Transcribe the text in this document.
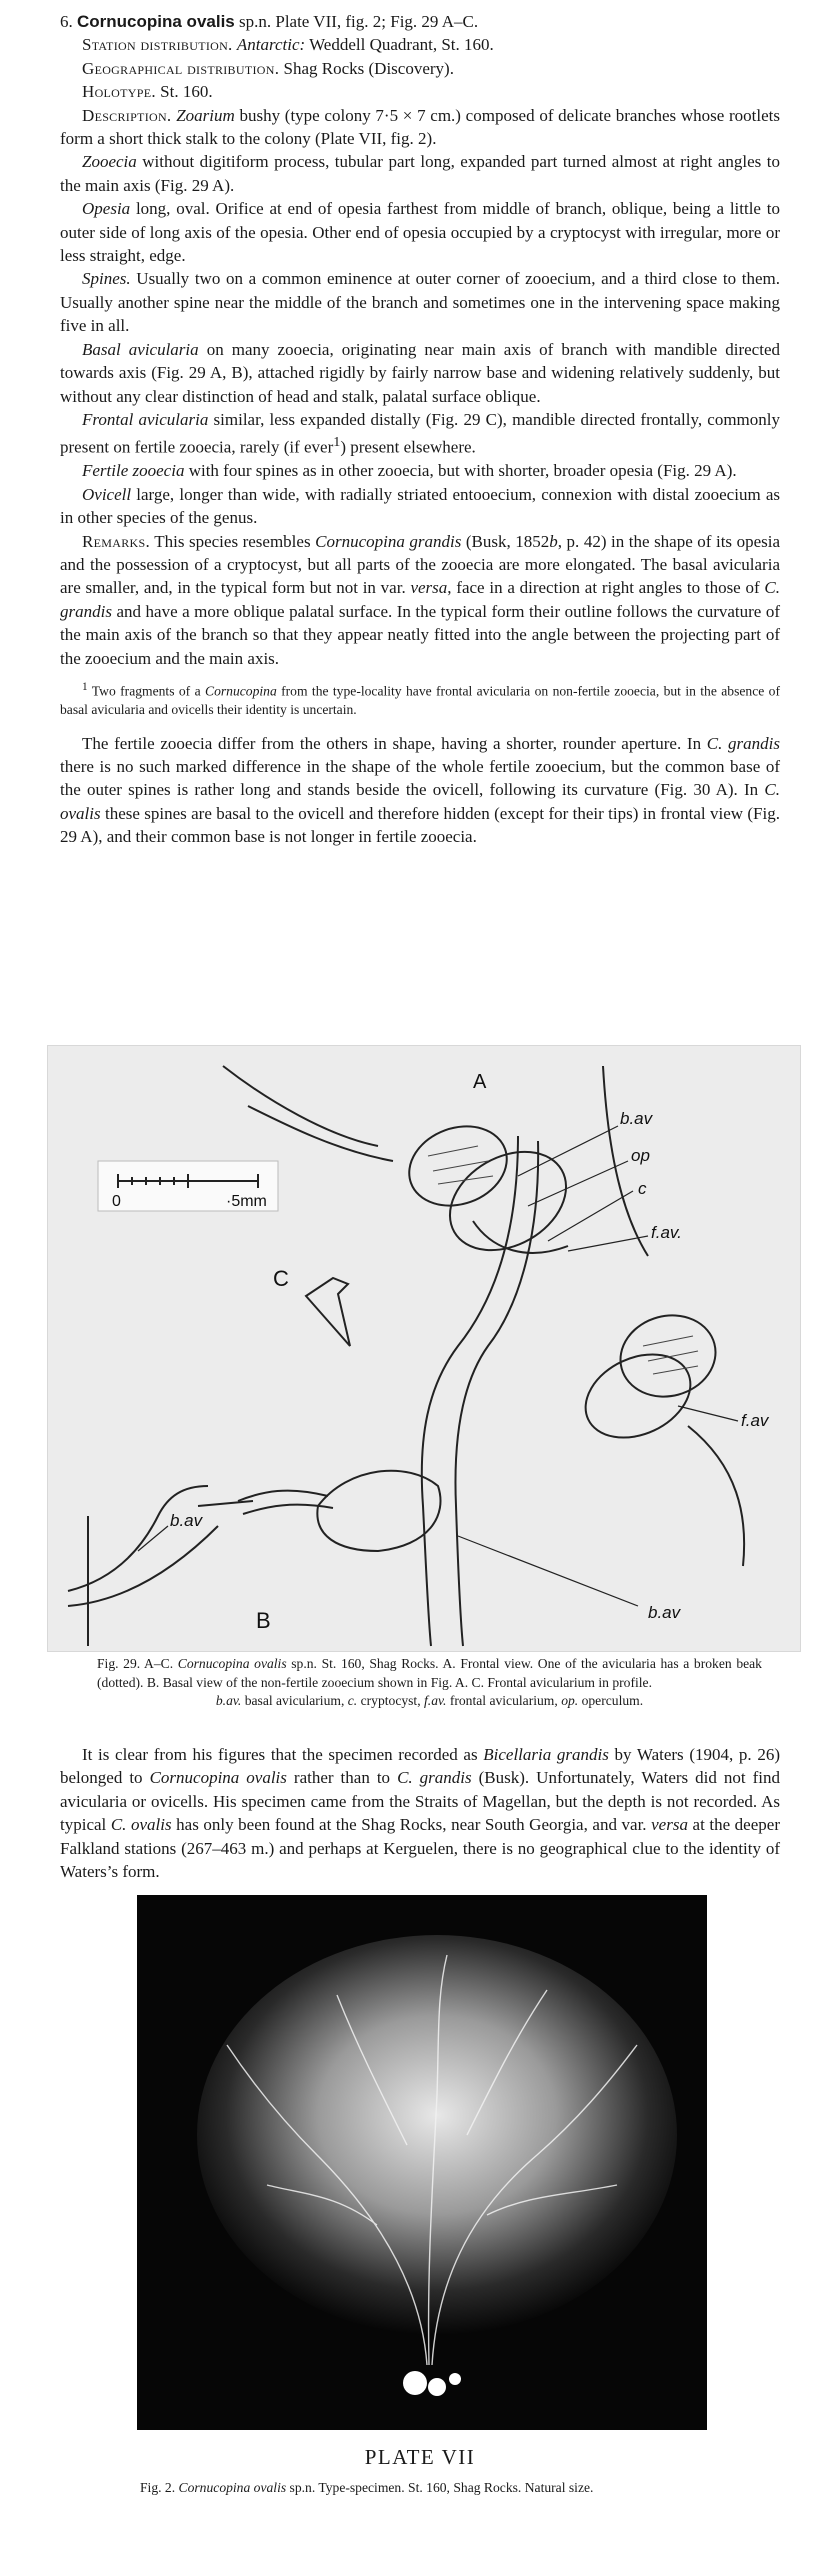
6. Cornucopina ovalis sp.n. Plate VII, fig. 2; Fig. 29 A–C.

Station distribution. Antarctic: Weddell Quadrant, St. 160.

Geographical distribution. Shag Rocks (Discovery).

Holotype. St. 160.

Description. Zoarium bushy (type colony 7·5 × 7 cm.) composed of delicate branches whose rootlets form a short thick stalk to the colony (Plate VII, fig. 2).

Zooecia without digitiform process, tubular part long, expanded part turned almost at right angles to the main axis (Fig. 29 A).

Opesia long, oval. Orifice at end of opesia farthest from middle of branch, oblique, being a little to outer side of long axis of the opesia. Other end of opesia occupied by a cryptocyst with irregular, more or less straight, edge.

Spines. Usually two on a common eminence at outer corner of zooecium, and a third close to them. Usually another spine near the middle of the branch and sometimes one in the intervening space making five in all.

Basal avicularia on many zooecia, originating near main axis of branch with mandible directed towards axis (Fig. 29 A, B), attached rigidly by fairly narrow base and widening relatively suddenly, but without any clear distinction of head and stalk, palatal surface oblique.

Frontal avicularia similar, less expanded distally (Fig. 29 C), mandible directed frontally, commonly present on fertile zooecia, rarely (if ever$^1$) present elsewhere.

Fertile zooecia with four spines as in other zooecia, but with shorter, broader opesia (Fig. 29 A).

Ovicell large, longer than wide, with radially striated entooecium, connexion with distal zooecium as in other species of the genus.

Remarks. This species resembles Cornucopina grandis (Busk, 1852b, p. 42) in the shape of its opesia and the possession of a cryptocyst, but all parts of the zooecia are more elongated. The basal avicularia are smaller, and, in the typical form but not in var. versa, face in a direction at right angles to those of C. grandis and have a more oblique palatal surface. In the typical form their outline follows the curvature of the main axis of the branch so that they appear neatly fitted into the angle between the projecting part of the zooecium and the main axis.

$^1$ Two fragments of a Cornucopina from the type-locality have frontal avicularia on non-fertile zooecia, but in the absence of basal avicularia and ovicells their identity is uncertain.

The fertile zooecia differ from the others in shape, having a shorter, rounder aperture. In C. grandis there is no such marked difference in the shape of the whole fertile zooecium, but the common base of the outer spines is rather long and stands beside the ovicell, following its curvature (Fig. 30 A). In C. ovalis these spines are basal to the ovicell and therefore hidden (except for their tips) in frontal view (Fig. 29 A), and their common base is not longer in fertile zooecia.

0	·5mm
A
B
C
b.av
op
c
f.av.
f.av
b.av
b.av

Fig. 29. A–C. Cornucopina ovalis sp.n. St. 160, Shag Rocks. A. Frontal view. One of the avicularia has a broken beak (dotted). B. Basal view of the non-fertile zooecium shown in Fig. A. C. Frontal avicularium in profile.

b.av. basal avicularium, c. cryptocyst, f.av. frontal avicularium, op. operculum.

It is clear from his figures that the specimen recorded as Bicellaria grandis by Waters (1904, p. 26) belonged to Cornucopina ovalis rather than to C. grandis (Busk). Unfortunately, Waters did not find avicularia or ovicells. His specimen came from the Straits of Magellan, but the depth is not recorded. As typical C. ovalis has only been found at the Shag Rocks, near South Georgia, and var. versa at the deeper Falkland stations (267–463 m.) and perhaps at Kerguelen, there is no geographical clue to the identity of Waters’s form.

PLATE VII
Fig. 2. Cornucopina ovalis sp.n. Type-specimen. St. 160, Shag Rocks. Natural size.
